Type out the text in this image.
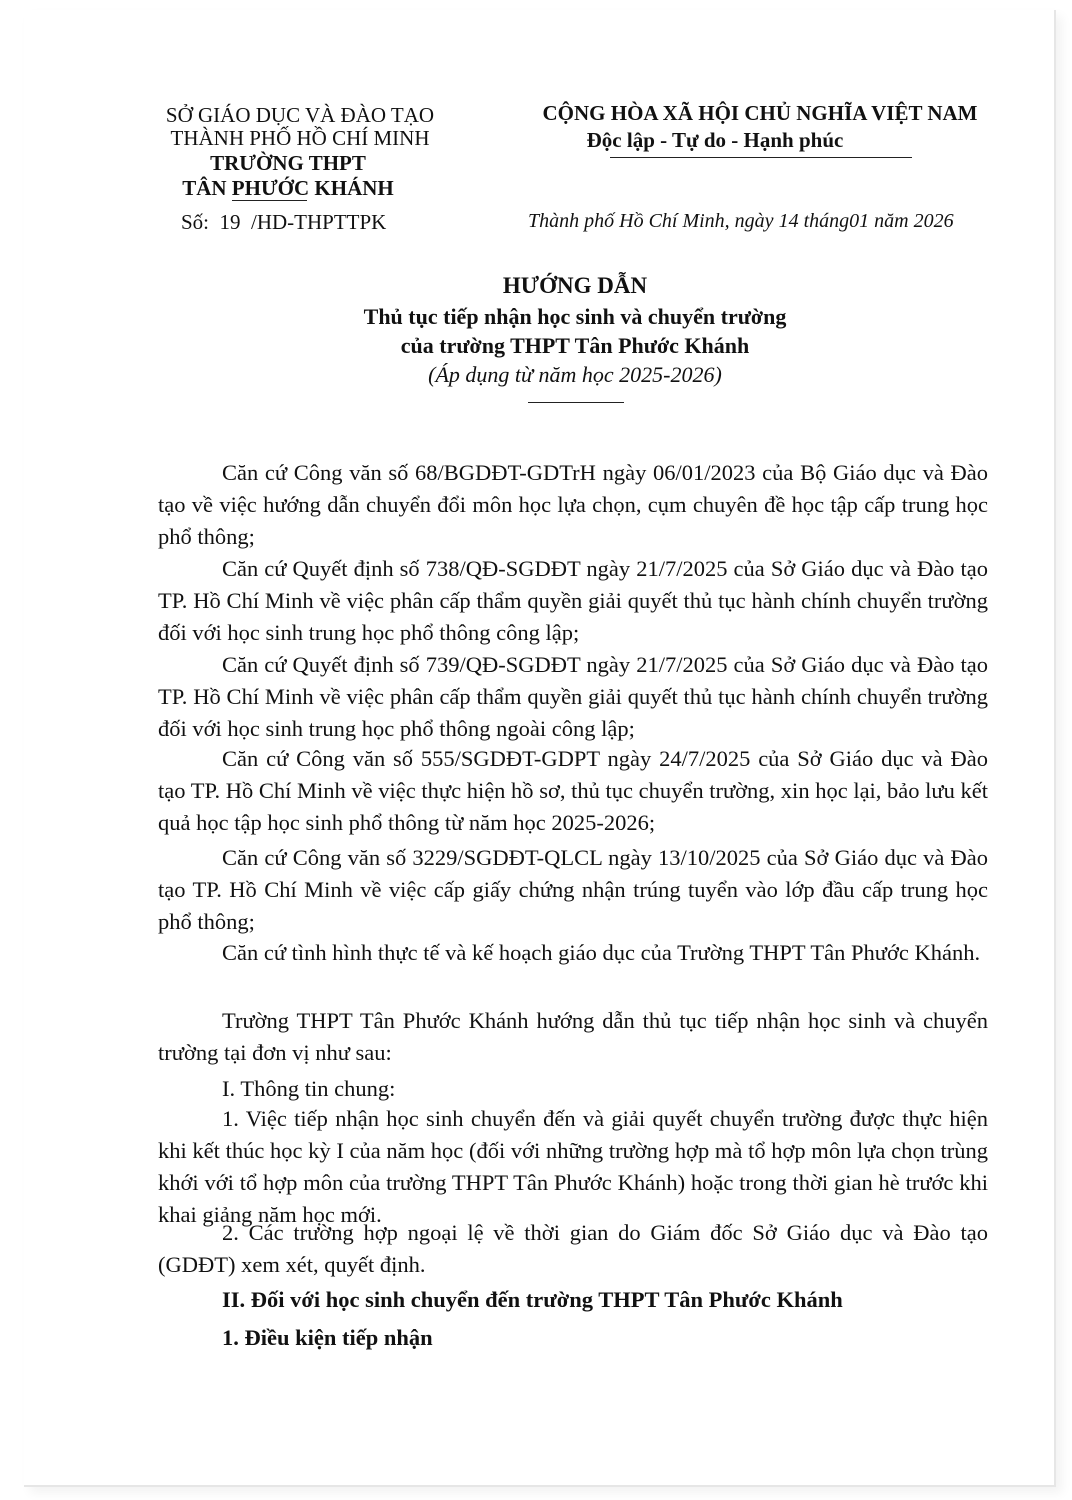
SỞ GIÁO DỤC VÀ ĐÀO TẠO
THÀNH PHỐ HỒ CHÍ MINH
TRƯỜNG THPT
TÂN PHƯỚC KHÁNH
Số: 19 /HD-THPTTPK
CỘNG HÒA XÃ HỘI CHỦ NGHĨA VIỆT NAM
Độc lập - Tự do - Hạnh phúc
Thành phố Hồ Chí Minh, ngày 14 tháng01 năm 2026
HƯỚNG DẪN
Thủ tục tiếp nhận học sinh và chuyển trường
của trường THPT Tân Phước Khánh
(Áp dụng từ năm học 2025-2026)
Căn cứ Công văn số 68/BGDĐT-GDTrH ngày 06/01/2023 của Bộ Giáo dục và Đào tạo về việc hướng dẫn chuyển đổi môn học lựa chọn, cụm chuyên đề học tập cấp trung học phổ thông;
Căn cứ Quyết định số 738/QĐ-SGDĐT ngày 21/7/2025 của Sở Giáo dục và Đào tạo TP. Hồ Chí Minh về việc phân cấp thẩm quyền giải quyết thủ tục hành chính chuyển trường đối với học sinh trung học phổ thông công lập;
Căn cứ Quyết định số 739/QĐ-SGDĐT ngày 21/7/2025 của Sở Giáo dục và Đào tạo TP. Hồ Chí Minh về việc phân cấp thẩm quyền giải quyết thủ tục hành chính chuyển trường đối với học sinh trung học phổ thông ngoài công lập;
Căn cứ Công văn số 555/SGDĐT-GDPT ngày 24/7/2025 của Sở Giáo dục và Đào tạo TP. Hồ Chí Minh về việc thực hiện hồ sơ, thủ tục chuyển trường, xin học lại, bảo lưu kết quả học tập học sinh phổ thông từ năm học 2025-2026;
Căn cứ Công văn số 3229/SGDĐT-QLCL ngày 13/10/2025 của Sở Giáo dục và Đào tạo TP. Hồ Chí Minh về việc cấp giấy chứng nhận trúng tuyển vào lớp đầu cấp trung học phổ thông;
Căn cứ tình hình thực tế và kế hoạch giáo dục của Trường THPT Tân Phước Khánh.
Trường THPT Tân Phước Khánh hướng dẫn thủ tục tiếp nhận học sinh và chuyển trường tại đơn vị như sau:
I. Thông tin chung:
1. Việc tiếp nhận học sinh chuyển đến và giải quyết chuyển trường được thực hiện khi kết thúc học kỳ I của năm học (đối với những trường hợp mà tổ hợp môn lựa chọn trùng khới với tổ hợp môn của trường THPT Tân Phước Khánh) hoặc trong thời gian hè trước khi khai giảng năm học mới.
2. Các trường hợp ngoại lệ về thời gian do Giám đốc Sở Giáo dục và Đào tạo (GDĐT) xem xét, quyết định.
II. Đối với học sinh chuyển đến trường THPT Tân Phước Khánh
1. Điều kiện tiếp nhận
